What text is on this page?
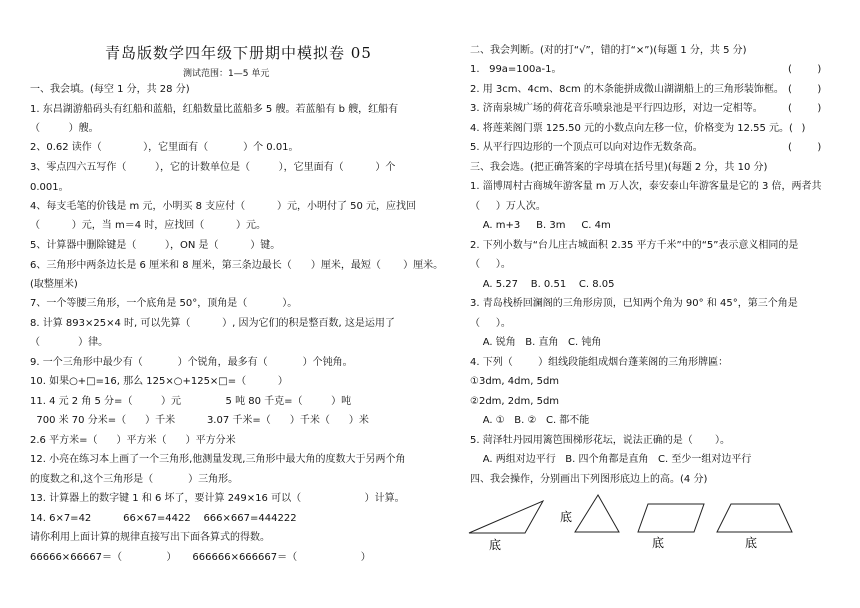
青岛版数学四年级下册期中模拟卷 05
测试范围：1—5 单元
一、我会填。(每空 1 分，共 28 分)
1. 东昌湖游船码头有红船和蓝船，红船数量比蓝船多 5 艘。若蓝船有 b 艘，红船有
（         ）艘。
2、0.62 读作（             ），它里面有（           ）个 0.01。
3、零点四六五写作（         ），它的计数单位是（         ），它里面有（          ）个
0.001。
4、每支毛笔的价钱是 m 元，小明买 8 支应付（          ）元，小明付了 50 元，应找回
（          ）元，当 m＝4 时，应找回（          ）元。
5、计算器中删除键是（         ），ON 是（          ）键。
6、三角形中两条边长是 6 厘米和 8 厘米，第三条边最长（      ）厘米，最短（       ）厘米。
(取整厘米)
7、一个等腰三角形，一个底角是 50°，顶角是（           ）。
8. 计算 893×25×4 时, 可以先算（          ）, 因为它们的积是整百数, 这是运用了
（            ）律。
9. 一个三角形中最少有（           ）个锐角，最多有（           ）个钝角。
10. 如果○+□=16, 那么 125×○+125×□=（          ）
11. 4 元 2 角 5 分=（         ）元              5 吨 80 千克=（         ）吨
700 米 70 分米=（      ）千米          3.07 千米=（      ）千米（      ）米
2.6 平方米=（      ）平方米（      ）平方分米
12. 小亮在练习本上画了一个三角形,他测量发现,三角形中最大角的度数大于另两个角
的度数之和,这个三角形是（           ）三角形。
13. 计算器上的数字键 1 和 6 坏了，要计算 249×16 可以（                    ）计算。
14. 6×7=42          66×67=4422    666×667=444222
请你利用上面计算的规律直接写出下面各算式的得数。
66666×66667＝（              ）     666666×666667＝（                    ）
二、我会判断。(对的打“√”，错的打“×”)(每题 1 分，共 5 分)
1.   99a=100a-1。	(        )
2. 用 3cm、4cm、8cm 的木条能拼成微山湖湖船上的三角形装饰框。 (        )
3. 济南泉城广场的荷花音乐喷泉池是平行四边形，对边一定相等。	(        )
4. 将莲莱阁门票 125.50 元的小数点向左移一位，价格变为 12.55 元。( )
5. 从平行四边形的一个顶点可以向对边作无数条高。	(        )
三、我会选。(把正确答案的字母填在括号里)(每题 2 分，共 10 分)
1. 淄博周村古商城年游客量 m 万人次，泰安泰山年游客量是它的 3 倍，两者共
（     ）万人次。
A. m+3     B. 3m     C. 4m
2. 下列小数与“台儿庄古城面积 2.35 平方千米”中的“5”表示意义相同的是
（     ）。
A. 5.27    B. 0.51    C. 8.05
3. 青岛栈桥回澜阁的三角形房顶，已知两个角为 90° 和 45°，第三个角是
（     ）。
A. 锐角   B. 直角   C. 钝角
4. 下列（        ）组线段能组成烟台蓬莱阁的三角形牌匾：
①3dm, 4dm, 5dm
②2dm, 2dm, 5dm
A. ①   B. ②   C. 都不能
5. 菏泽牡丹园用篱笆围梯形花坛，说法正确的是（       ）。
A. 两组对边平行   B. 四个角都是直角   C. 至少一组对边平行
四、我会操作，分别画出下列图形底边上的高。(4 分)
底
底
底	底
